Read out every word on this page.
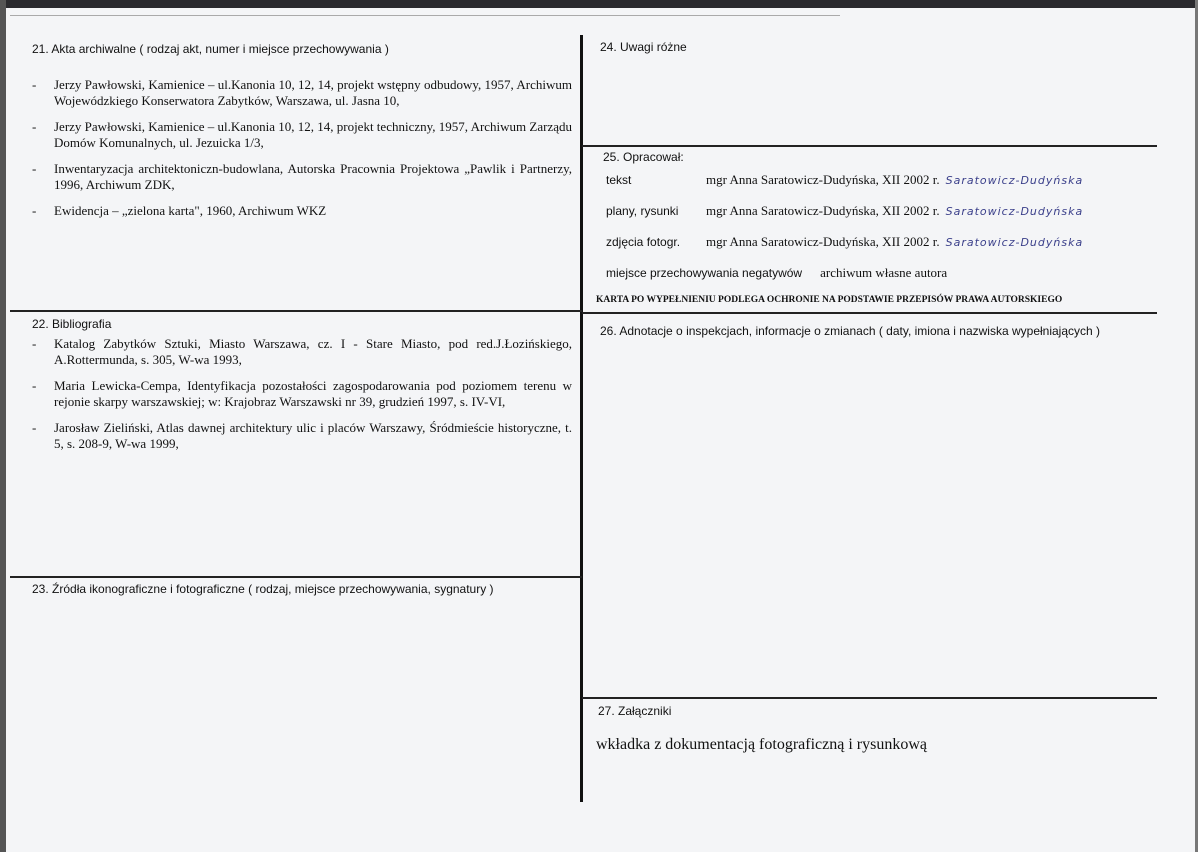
21. Akta archiwalne ( rodzaj akt, numer i miejsce przechowywania )
- Jerzy Pawłowski, Kamienice – ul.Kanonia 10, 12, 14, projekt wstępny odbudowy, 1957, Archiwum Wojewódzkiego Konserwatora Zabytków, Warszawa, ul. Jasna 10,
- Jerzy Pawłowski, Kamienice – ul.Kanonia 10, 12, 14, projekt techniczny, 1957, Archiwum Zarządu Domów Komunalnych, ul. Jezuicka 1/3,
- Inwentaryzacja architektoniczn-budowlana, Autorska Pracownia Projektowa „Pawlik i Partnerzy, 1996, Archiwum ZDK,
- Ewidencja – „zielona karta", 1960, Archiwum WKZ
22. Bibliografia
- Katalog Zabytków Sztuki, Miasto Warszawa, cz. I - Stare Miasto, pod red.J.Łozińskiego, A.Rottermunda, s. 305, W-wa 1993,
- Maria Lewicka-Cempa, Identyfikacja pozostałości zagospodarowania pod poziomem terenu w rejonie skarpy warszawskiej; w: Krajobraz Warszawski nr 39, grudzień 1997, s. IV-VI,
- Jarosław Zieliński, Atlas dawnej architektury ulic i placów Warszawy, Śródmieście historyczne, t. 5, s. 208-9, W-wa 1999,
23. Źródła ikonograficzne i fotograficzne ( rodzaj, miejsce przechowywania, sygnatury )
24. Uwagi różne
25. Opracował:
tekst	mgr Anna Saratowicz-Dudyńska, XII 2002 r. Saratowicz-Dudyńska
plany, rysunki	mgr Anna Saratowicz-Dudyńska, XII 2002 r. Saratowicz-Dudyńska
zdjęcia fotogr.	mgr Anna Saratowicz-Dudyńska, XII 2002 r. Saratowicz-Dudyńska
miejsce przechowywania negatywów archiwum własne autora
KARTA PO WYPEŁNIENIU PODLEGA OCHRONIE NA PODSTAWIE PRZEPISÓW PRAWA AUTORSKIEGO
26. Adnotacje o inspekcjach, informacje o zmianach ( daty, imiona i nazwiska wypełniających )
27. Załączniki
wkładka z dokumentacją fotograficzną i rysunkową
